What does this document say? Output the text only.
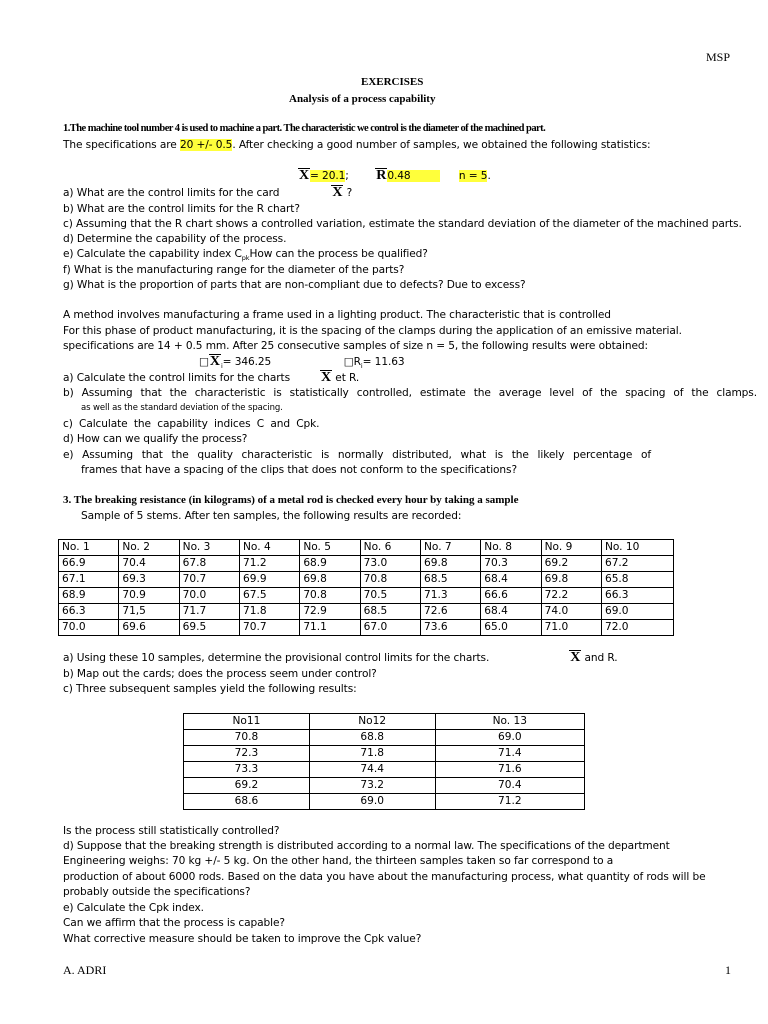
MSP
EXERCISES
Analysis of a process capability
1.The machine tool number 4 is used to machine a part. The characteristic we control is the diameter of the machined part.
The specifications are 20 +/- 0.5. After checking a good number of samples, we obtained the following statistics:
X= 20.1; R0.48	n = 5.
a) What are the control limits for the card	X ?
b) What are the control limits for the R chart?
c) Assuming that the R chart shows a controlled variation, estimate the standard deviation of the diameter of the machined parts.
d) Determine the capability of the process.
e) Calculate the capability index $C_{pk}How$ can the process be qualified?
f) What is the manufacturing range for the diameter of the parts?
g) What is the proportion of parts that are non-compliant due to defects? Due to excess?
A method involves manufacturing a frame used in a lighting product. The characteristic that is controlled
For this phase of product manufacturing, it is the spacing of the clamps during the application of an emissive material.
specifications are 14 + 0.5 mm. After 25 consecutive samples of size n = 5, the following results were obtained:
$□X_i= 346.25$	$□R_i= 11.63$
a) Calculate the control limits for the charts X et R.
b) Assuming that the characteristic is statistically controlled, estimate the average level of the spacing of the clamps.
as well as the standard deviation of the spacing.
c) Calculate the capability indices C and Cpk.
d) How can we qualify the process?
e) Assuming that the quality characteristic is normally distributed, what is the likely percentage of
frames that have a spacing of the clips that does not conform to the specifications?
3. The breaking resistance (in kilograms) of a metal rod is checked every hour by taking a sample
Sample of 5 stems. After ten samples, the following results are recorded:
No. 1	No. 2	No. 3	No. 4	No. 5	No. 6	No. 7	No. 8	No. 9	No. 10
66.9	70.4	67.8	71.2	68.9	73.0	69.8	70.3	69.2	67.2
67.1	69.3	70.7	69.9	69.8	70.8	68.5	68.4	69.8	65.8
68.9	70.9	70.0	67.5	70.8	70.5	71.3	66.6	72.2	66.3
66.3	71,5	71.7	71.8	72.9	68.5	72.6	68.4	74.0	69.0
70.0	69.6	69.5	70.7	71.1	67.0	73.6	65.0	71.0	72.0
a) Using these 10 samples, determine the provisional control limits for the charts.	X and R.
b) Map out the cards; does the process seem under control?
c) Three subsequent samples yield the following results:
No11	No12	No. 13
70.8	68.8	69.0
72.3	71.8	71.4
73.3	74.4	71.6
69.2	73.2	70.4
68.6	69.0	71.2
Is the process still statistically controlled?
d) Suppose that the breaking strength is distributed according to a normal law. The specifications of the department
Engineering weighs: 70 kg +/- 5 kg. On the other hand, the thirteen samples taken so far correspond to a
production of about 6000 rods. Based on the data you have about the manufacturing process, what quantity of rods will be
probably outside the specifications?
e) Calculate the Cpk index.
Can we affirm that the process is capable?
What corrective measure should be taken to improve the Cpk value?
A. ADRI	1
